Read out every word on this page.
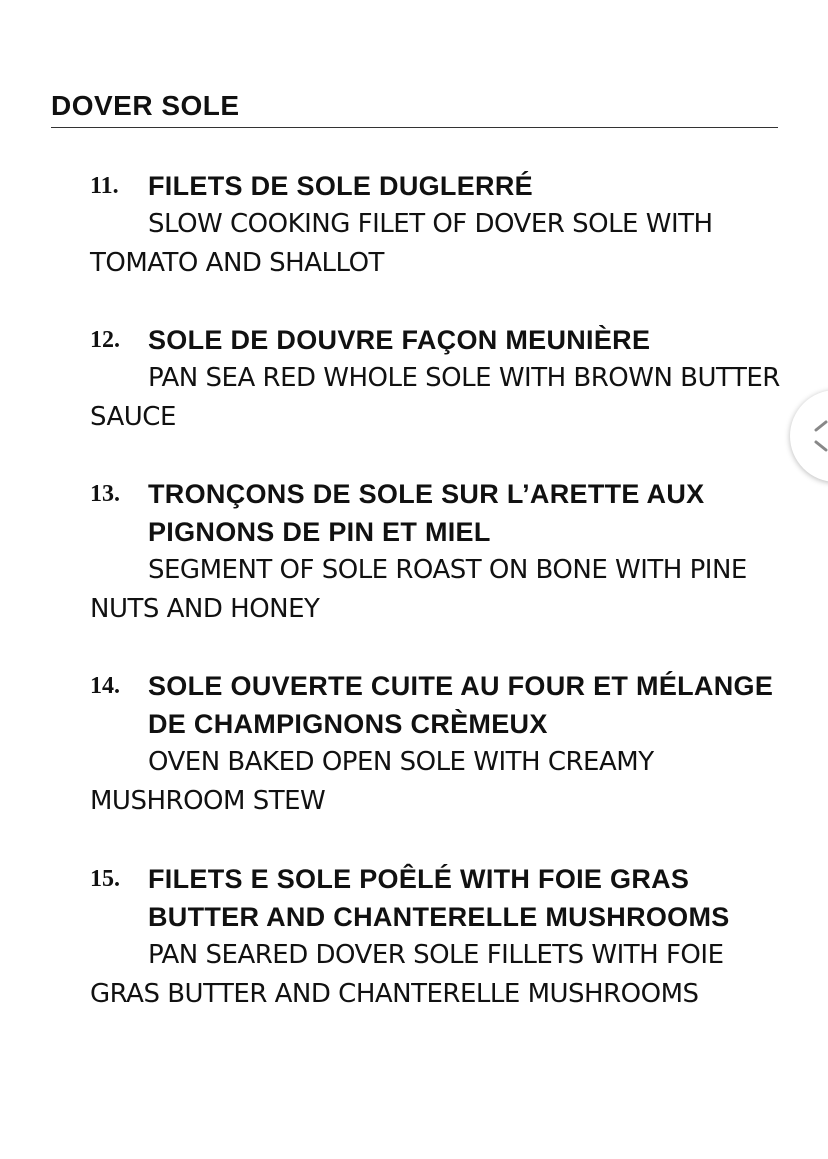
DOVER SOLE
11. FILETS DE SOLE DUGLERRÉ
SLOW COOKING FILET OF DOVER SOLE WITH TOMATO AND SHALLOT
12. SOLE DE DOUVRE FAÇON MEUNIÈRE
PAN SEA RED WHOLE SOLE WITH BROWN BUTTER SAUCE
13. TRONÇONS DE SOLE SUR L’ARETTE AUX PIGNONS DE PIN ET MIEL
SEGMENT OF SOLE ROAST ON BONE WITH PINE NUTS AND HONEY
14. SOLE OUVERTE CUITE AU FOUR ET MÉLANGE DE CHAMPIGNONS CRÈMEUX
OVEN BAKED OPEN SOLE WITH CREAMY MUSHROOM STEW
15. FILETS E SOLE POÊLÉ WITH FOIE GRAS BUTTER AND CHANTERELLE MUSHROOMS
PAN SEARED DOVER SOLE FILLETS WITH FOIE GRAS BUTTER AND CHANTERELLE MUSHROOMS
